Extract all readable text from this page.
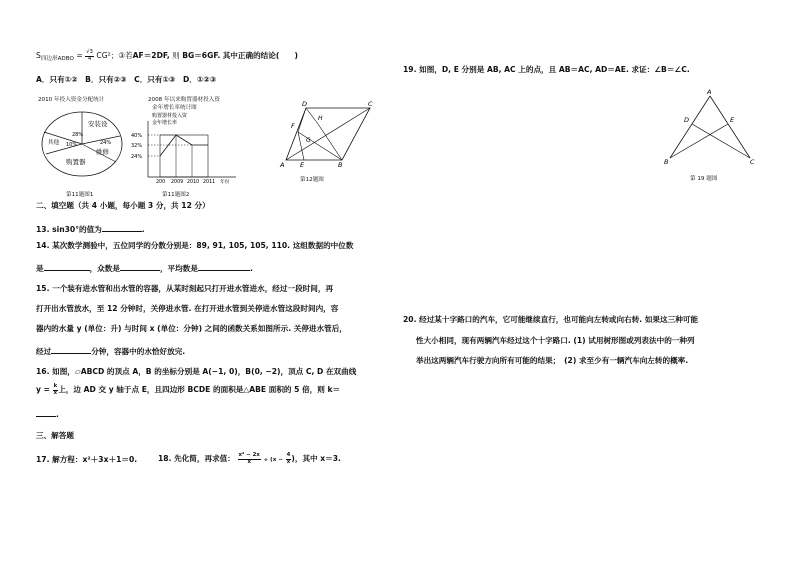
$S_{四边形ADBO} = \frac{√3}{4} CG^2$；③若AF＝2DF, 则 BG＝6GF. 其中正确的结论(　　)
A．只有①②　B．只有②③　C．只有①③　D．①②③
2010 年投入资金分配统计
安装设
28%
其他 10%	24%
维修
购置器
第11题图1
2008 年以来购置器材投入资
金年增长率统计图
购置器材投入资
金年增长率
40%
32%
24%
200 2009 2010 2011 年份
第11题图2
D	C
H
F
G
A E	B
第12题图
二、填空题（共 4 小题，每小题 3 分，共 12 分）
13. sin30°的值为	.
14. 某次数学测验中，五位同学的分数分别是：89, 91, 105, 105, 110. 这组数据的中位数
是	，众数是	，平均数是	.
15. 一个装有进水管和出水管的容器，从某时刻起只打开进水管进水，经过一段时间，再
打开出水管放水，至 12 分钟时，关停进水管. 在打开进水管到关停进水管这段时间内，容
器内的水量 y (单位：升) 与时间 x (单位：分钟) 之间的函数关系如图所示. 关停进水管后，
经过	分钟，容器中的水恰好放完.
16. 如图，▱ABCD 的顶点 A，B 的坐标分别是 A(−1, 0)，B(0, −2)，顶点 C, D 在双曲线
$y = \frac{k}{x}$ 上，边 AD 交 y 轴于点 E，且四边形 BCDE 的面积是△ABE 面积的 5 倍，则 k＝
.
三、解答题
17. 解方程：x²＋3x＋1＝0.	18. 先化简，再求值： $\frac{\text{x² − 2x}}{x} \div (x - \frac{4}{x}$ )，其中 x＝3.
19. 如图，D, E 分别是 AB, AC 上的点，且 AB＝AC, AD＝AE. 求证：∠B＝∠C.
A
D	E
B	C
第 19 题图
20. 经过某十字路口的汽车，它可能继续直行，也可能向左转或向右转. 如果这三种可能
性大小相同，现有两辆汽车经过这个十字路口. (1) 试用树形图或列表法中的一种列
举出这两辆汽车行驶方向所有可能的结果；　(2) 求至少有一辆汽车向左转的概率.
